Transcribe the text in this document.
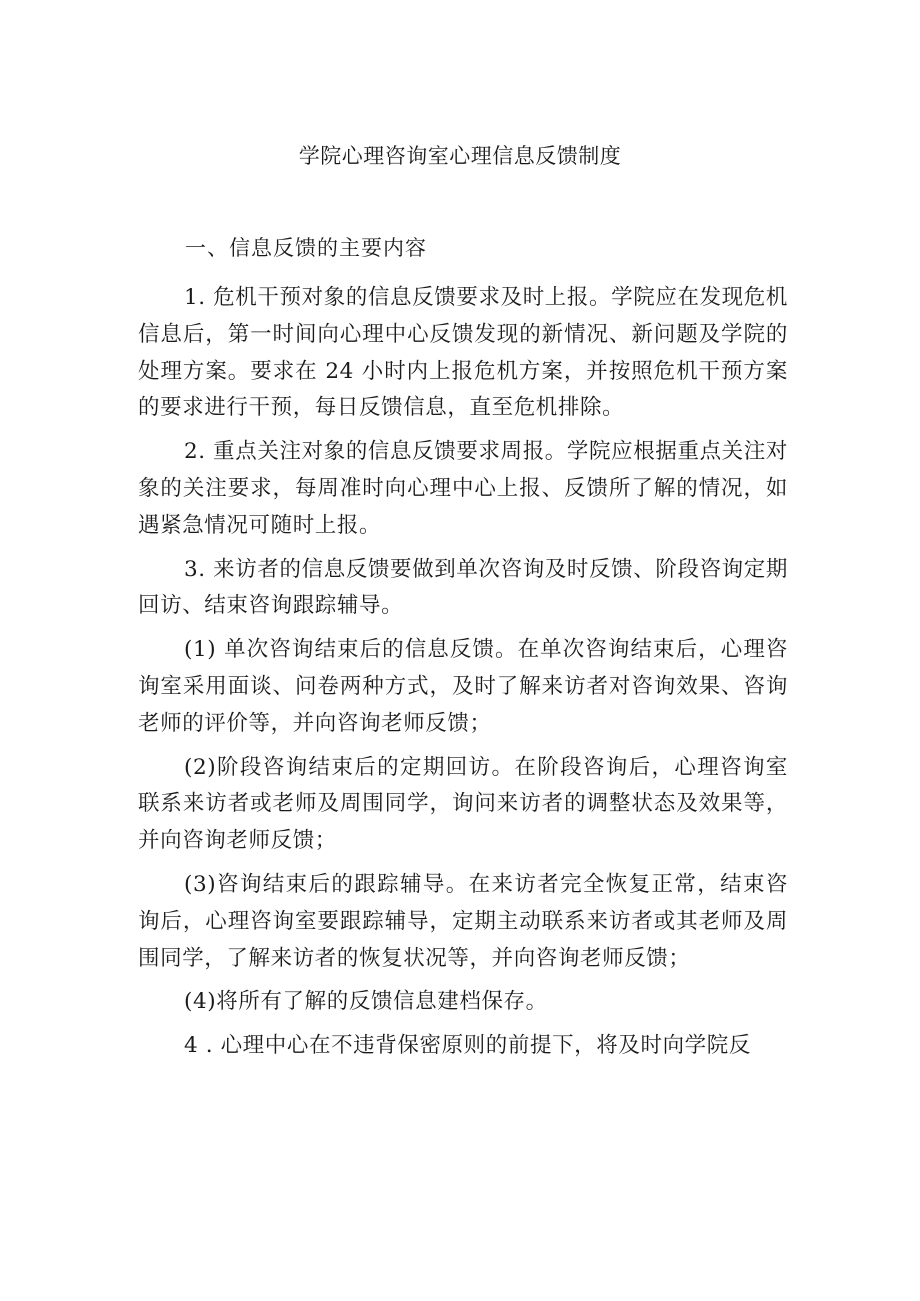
学院心理咨询室心理信息反馈制度
一、信息反馈的主要内容

1. 危机干预对象的信息反馈要求及时上报。学院应在发现危机信息后，第一时间向心理中心反馈发现的新情况、新问题及学院的处理方案。要求在 24 小时内上报危机方案，并按照危机干预方案的要求进行干预，每日反馈信息，直至危机排除。

2. 重点关注对象的信息反馈要求周报。学院应根据重点关注对象的关注要求，每周准时向心理中心上报、反馈所了解的情况，如遇紧急情况可随时上报。

3. 来访者的信息反馈要做到单次咨询及时反馈、阶段咨询定期回访、结束咨询跟踪辅导。

(1) 单次咨询结束后的信息反馈。在单次咨询结束后，心理咨询室采用面谈、问卷两种方式，及时了解来访者对咨询效果、咨询老师的评价等，并向咨询老师反馈；

(2)阶段咨询结束后的定期回访。在阶段咨询后，心理咨询室联系来访者或老师及周围同学，询问来访者的调整状态及效果等，并向咨询老师反馈；

(3)咨询结束后的跟踪辅导。在来访者完全恢复正常，结束咨询后，心理咨询室要跟踪辅导，定期主动联系来访者或其老师及周围同学，了解来访者的恢复状况等，并向咨询老师反馈；

(4)将所有了解的反馈信息建档保存。

4 . 心理中心在不违背保密原则的前提下，将及时向学院反
